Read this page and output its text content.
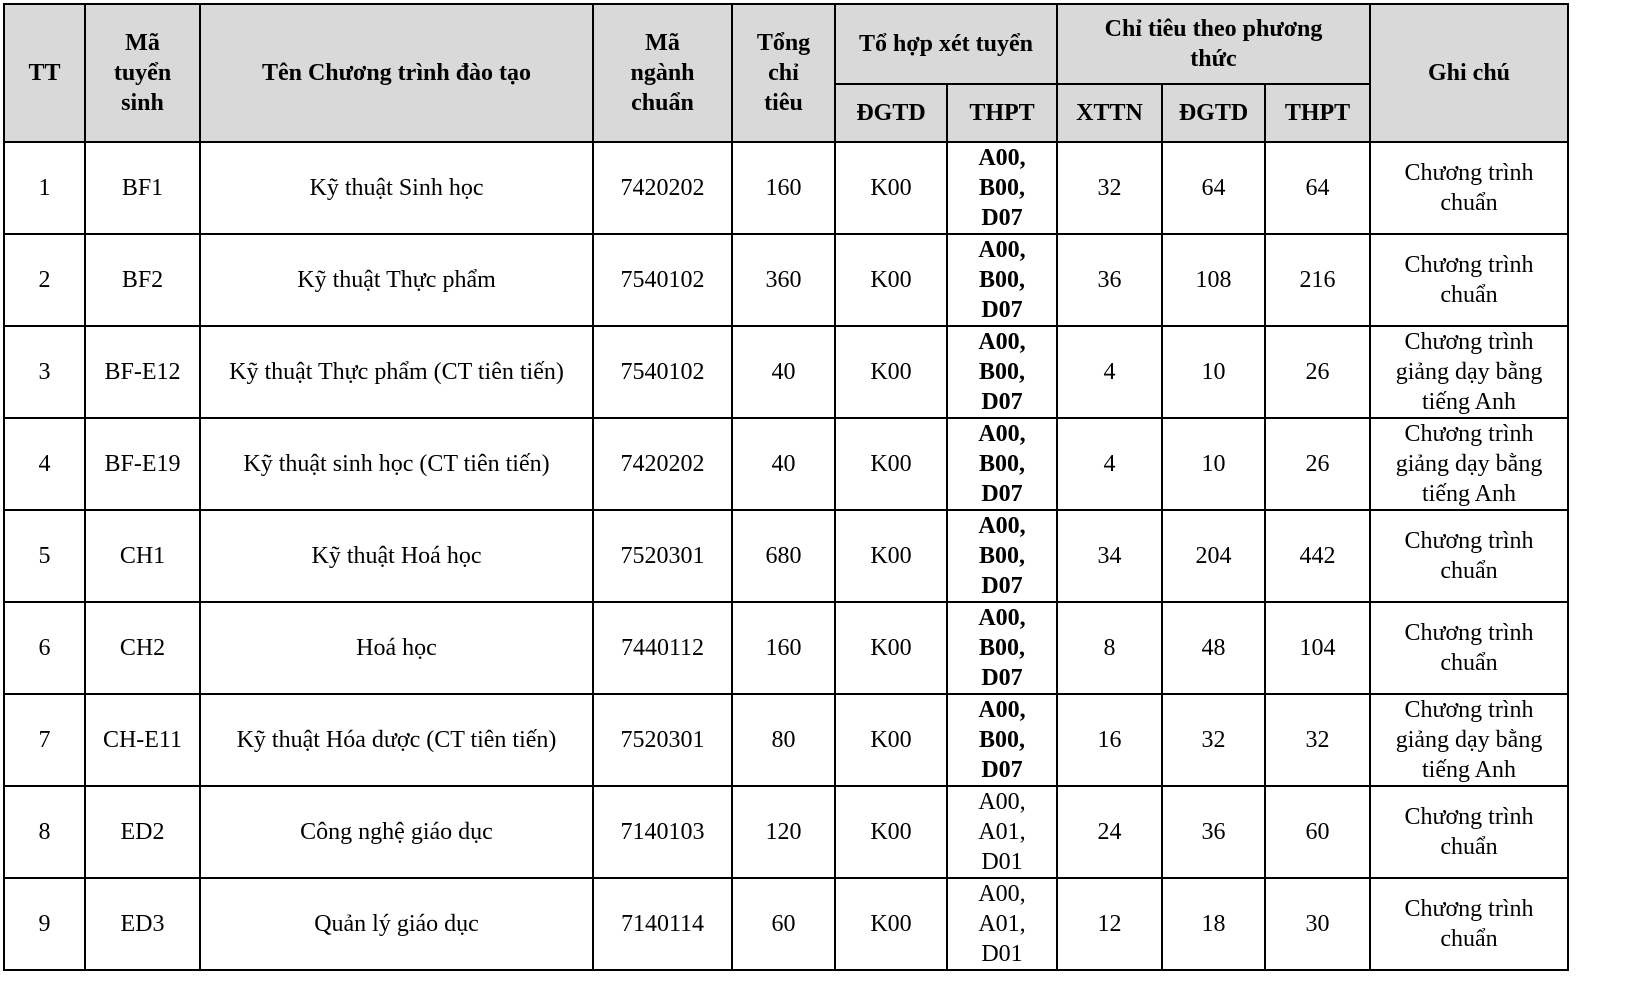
TT	Mã
tuyển
sinh	Tên Chương trình đào tạo	Mã
ngành
chuẩn	Tổng
chỉ
tiêu	Tổ hợp xét tuyển		Chỉ tiêu theo phương
thức			Ghi chú
					ĐGTD	THPT	XTTN	ĐGTD	THPT	
1	BF1	Kỹ thuật Sinh học	7420202	160	K00	A00,
B00,
D07	32	64	64	Chương trình
chuẩn
2	BF2	Kỹ thuật Thực phẩm	7540102	360	K00	A00,
B00,
D07	36	108	216	Chương trình
chuẩn
3	BF-E12	Kỹ thuật Thực phẩm (CT tiên tiến)	7540102	40	K00	A00,
B00,
D07	4	10	26	Chương trình
giảng dạy bằng
tiếng Anh
4	BF-E19	Kỹ thuật sinh học (CT tiên tiến)	7420202	40	K00	A00,
B00,
D07	4	10	26	Chương trình
giảng dạy bằng
tiếng Anh
5	CH1	Kỹ thuật Hoá học	7520301	680	K00	A00,
B00,
D07	34	204	442	Chương trình
chuẩn
6	CH2	Hoá học	7440112	160	K00	A00,
B00,
D07	8	48	104	Chương trình
chuẩn
7	CH-E11	Kỹ thuật Hóa dược (CT tiên tiến)	7520301	80	K00	A00,
B00,
D07	16	32	32	Chương trình
giảng dạy bằng
tiếng Anh
8	ED2	Công nghệ giáo dục	7140103	120	K00	A00,
A01,
D01	24	36	60	Chương trình
chuẩn
9	ED3	Quản lý giáo dục	7140114	60	K00	A00,
A01,
D01	12	18	30	Chương trình
chuẩn
